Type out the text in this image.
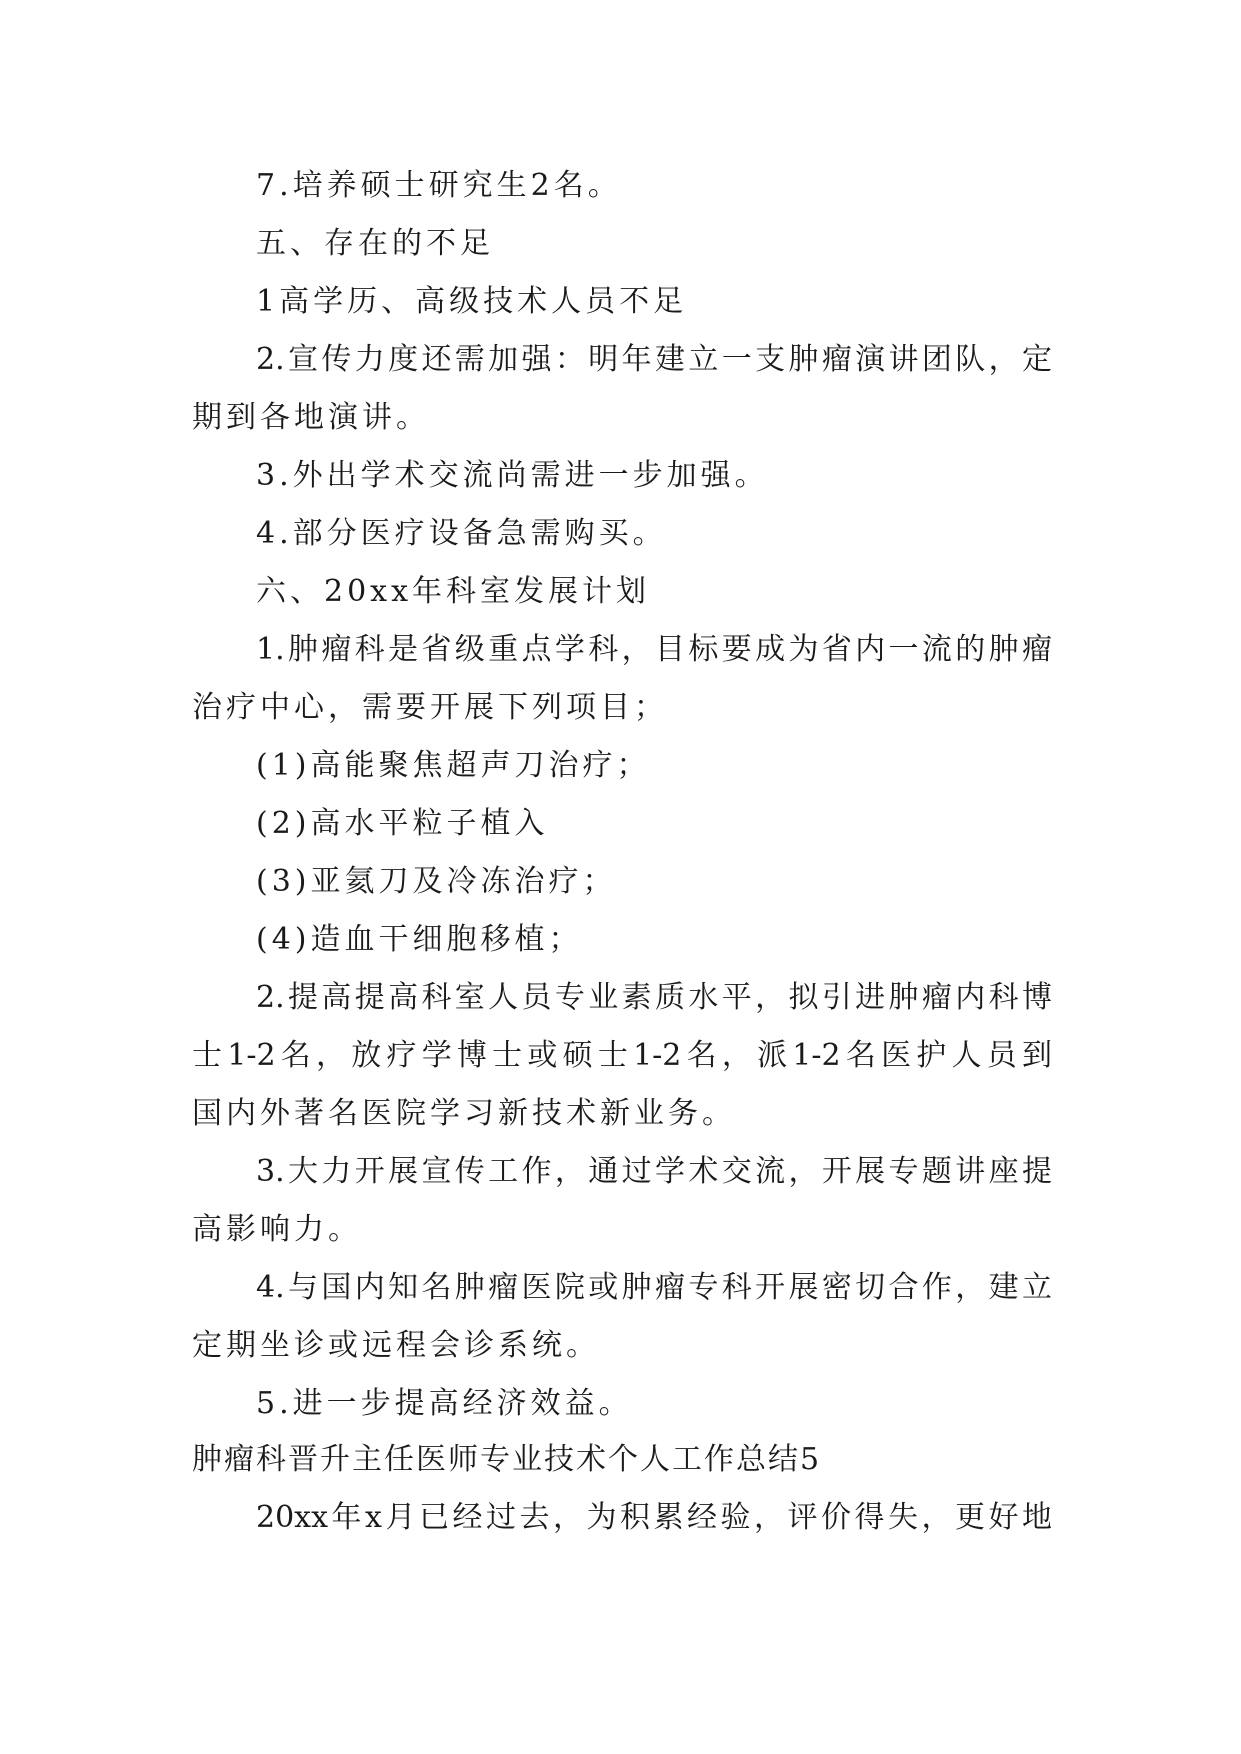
7.培养硕士研究生2名。
五、存在的不足
1高学历、高级技术人员不足
2.宣传力度还需加强：明年建立一支肿瘤演讲团队，定
期到各地演讲。
3.外出学术交流尚需进一步加强。
4.部分医疗设备急需购买。
六、20xx年科室发展计划
1.肿瘤科是省级重点学科，目标要成为省内一流的肿瘤
治疗中心，需要开展下列项目；
(1)高能聚焦超声刀治疗；
(2)高水平粒子植入
(3)亚氦刀及冷冻治疗；
(4)造血干细胞移植；
2.提高提高科室人员专业素质水平，拟引进肿瘤内科博
士1-2名，放疗学博士或硕士1-2名，派1-2名医护人员到
国内外著名医院学习新技术新业务。
3.大力开展宣传工作，通过学术交流，开展专题讲座提
高影响力。
4.与国内知名肿瘤医院或肿瘤专科开展密切合作，建立
定期坐诊或远程会诊系统。
5.进一步提高经济效益。
肿瘤科晋升主任医师专业技术个人工作总结5
20xx年x月已经过去，为积累经验，评价得失，更好地
